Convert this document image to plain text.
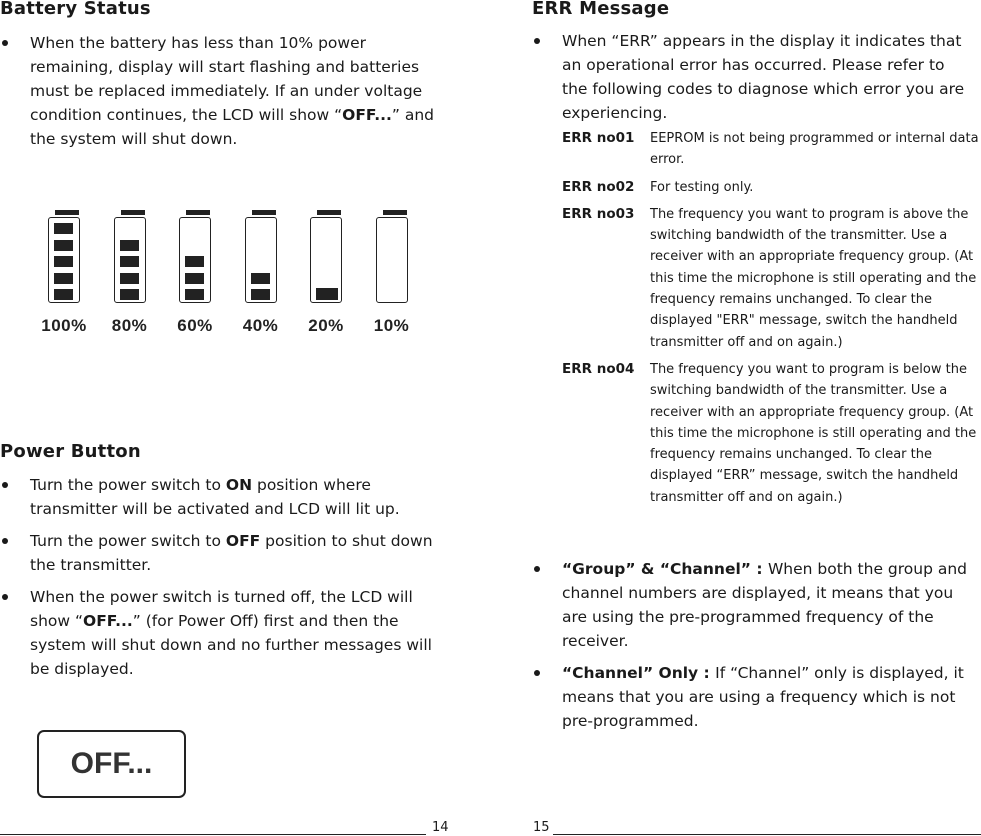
Battery Status
When the battery has less than 10% power remaining, display will start flashing and batteries must be replaced immediately. If an under voltage condition continues, the LCD will show “OFF...” and the system will shut down.
100%	80%	60%	40%	20%	10%
Power Button
Turn the power switch to ON position where transmitter will be activated and LCD will lit up.
Turn the power switch to OFF position to shut down the transmitter.
When the power switch is turned off, the LCD will show “OFF...” (for Power Off) first and then the system will shut down and no further messages will be displayed.
OFF...
14
ERR Message
When “ERR” appears in the display it indicates that an operational error has occurred. Please refer to the following codes to diagnose which error you are experiencing.
ERR no01 EEPROM is not being programmed or internal data error.
ERR no02 For testing only.
ERR no03 The frequency you want to program is above the switching bandwidth of the transmitter. Use a receiver with an appropriate frequency group. (At this time the microphone is still operating and the frequency remains unchanged. To clear the displayed "ERR" message, switch the handheld transmitter off and on again.)
ERR no04 The frequency you want to program is below the switching bandwidth of the transmitter. Use a receiver with an appropriate frequency group. (At this time the microphone is still operating and the frequency remains unchanged. To clear the displayed “ERR” message, switch the handheld transmitter off and on again.)
“Group” & “Channel” : When both the group and channel numbers are displayed, it means that you are using the pre-programmed frequency of the receiver.
“Channel” Only : If “Channel” only is displayed, it means that you are using a frequency which is not pre-programmed.
15
